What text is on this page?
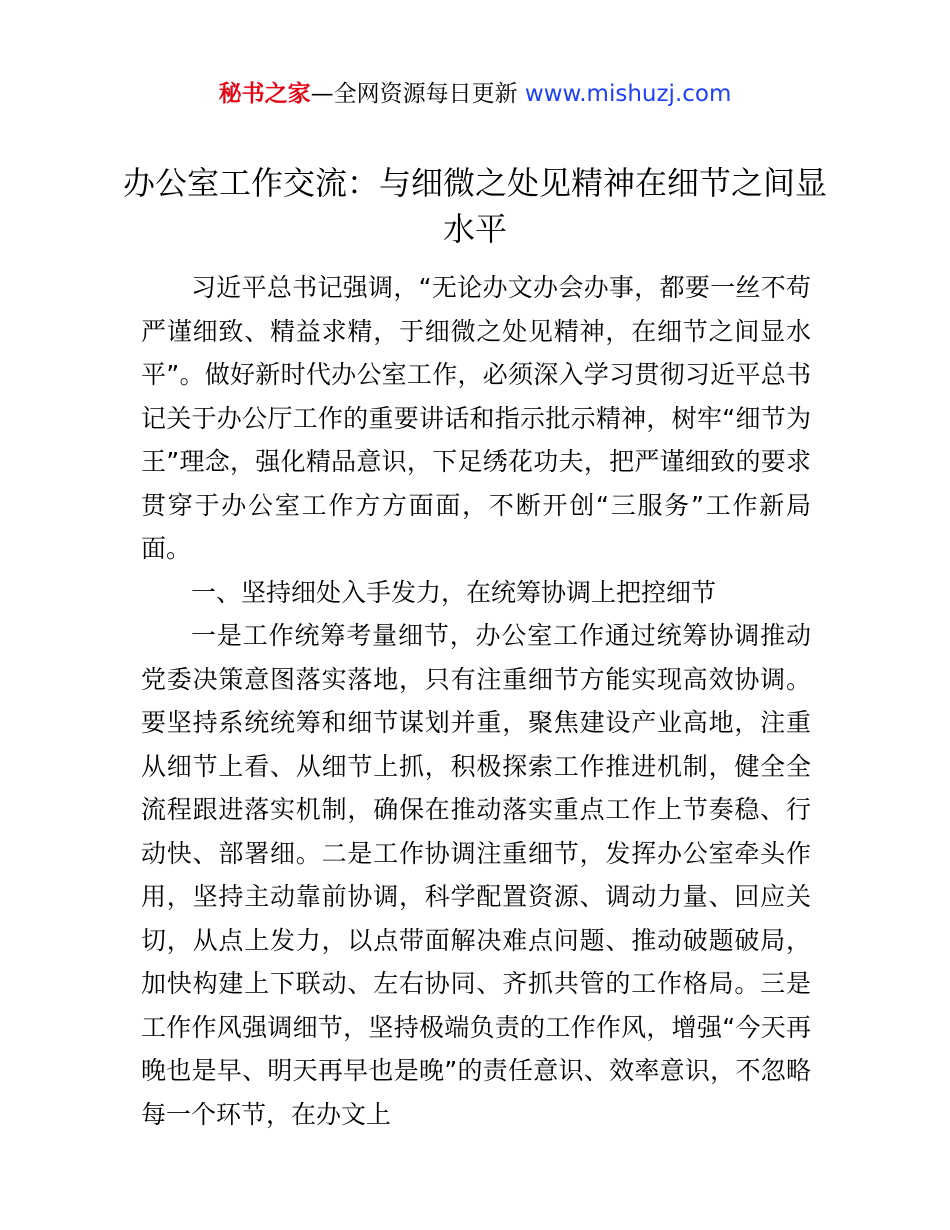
秘书之家—全网资源每日更新 www.mishuzj.com
办公室工作交流：与细微之处见精神在细节之间显水平

习近平总书记强调，“无论办文办会办事，都要一丝不苟严谨细致、精益求精，于细微之处见精神，在细节之间显水平”。做好新时代办公室工作，必须深入学习贯彻习近平总书记关于办公厅工作的重要讲话和指示批示精神，树牢“细节为王”理念，强化精品意识，下足绣花功夫，把严谨细致的要求贯穿于办公室工作方方面面，不断开创“三服务”工作新局面。

一、坚持细处入手发力，在统筹协调上把控细节

一是工作统筹考量细节，办公室工作通过统筹协调推动党委决策意图落实落地，只有注重细节方能实现高效协调。要坚持系统统筹和细节谋划并重，聚焦建设产业高地，注重从细节上看、从细节上抓，积极探索工作推进机制，健全全流程跟进落实机制，确保在推动落实重点工作上节奏稳、行动快、部署细。二是工作协调注重细节，发挥办公室牵头作用，坚持主动靠前协调，科学配置资源、调动力量、回应关切，从点上发力，以点带面解决难点问题、推动破题破局，加快构建上下联动、左右协同、齐抓共管的工作格局。三是工作作风强调细节，坚持极端负责的工作作风，增强“今天再晚也是早、明天再早也是晚”的责任意识、效率意识，不忽略每一个环节，在办文上
